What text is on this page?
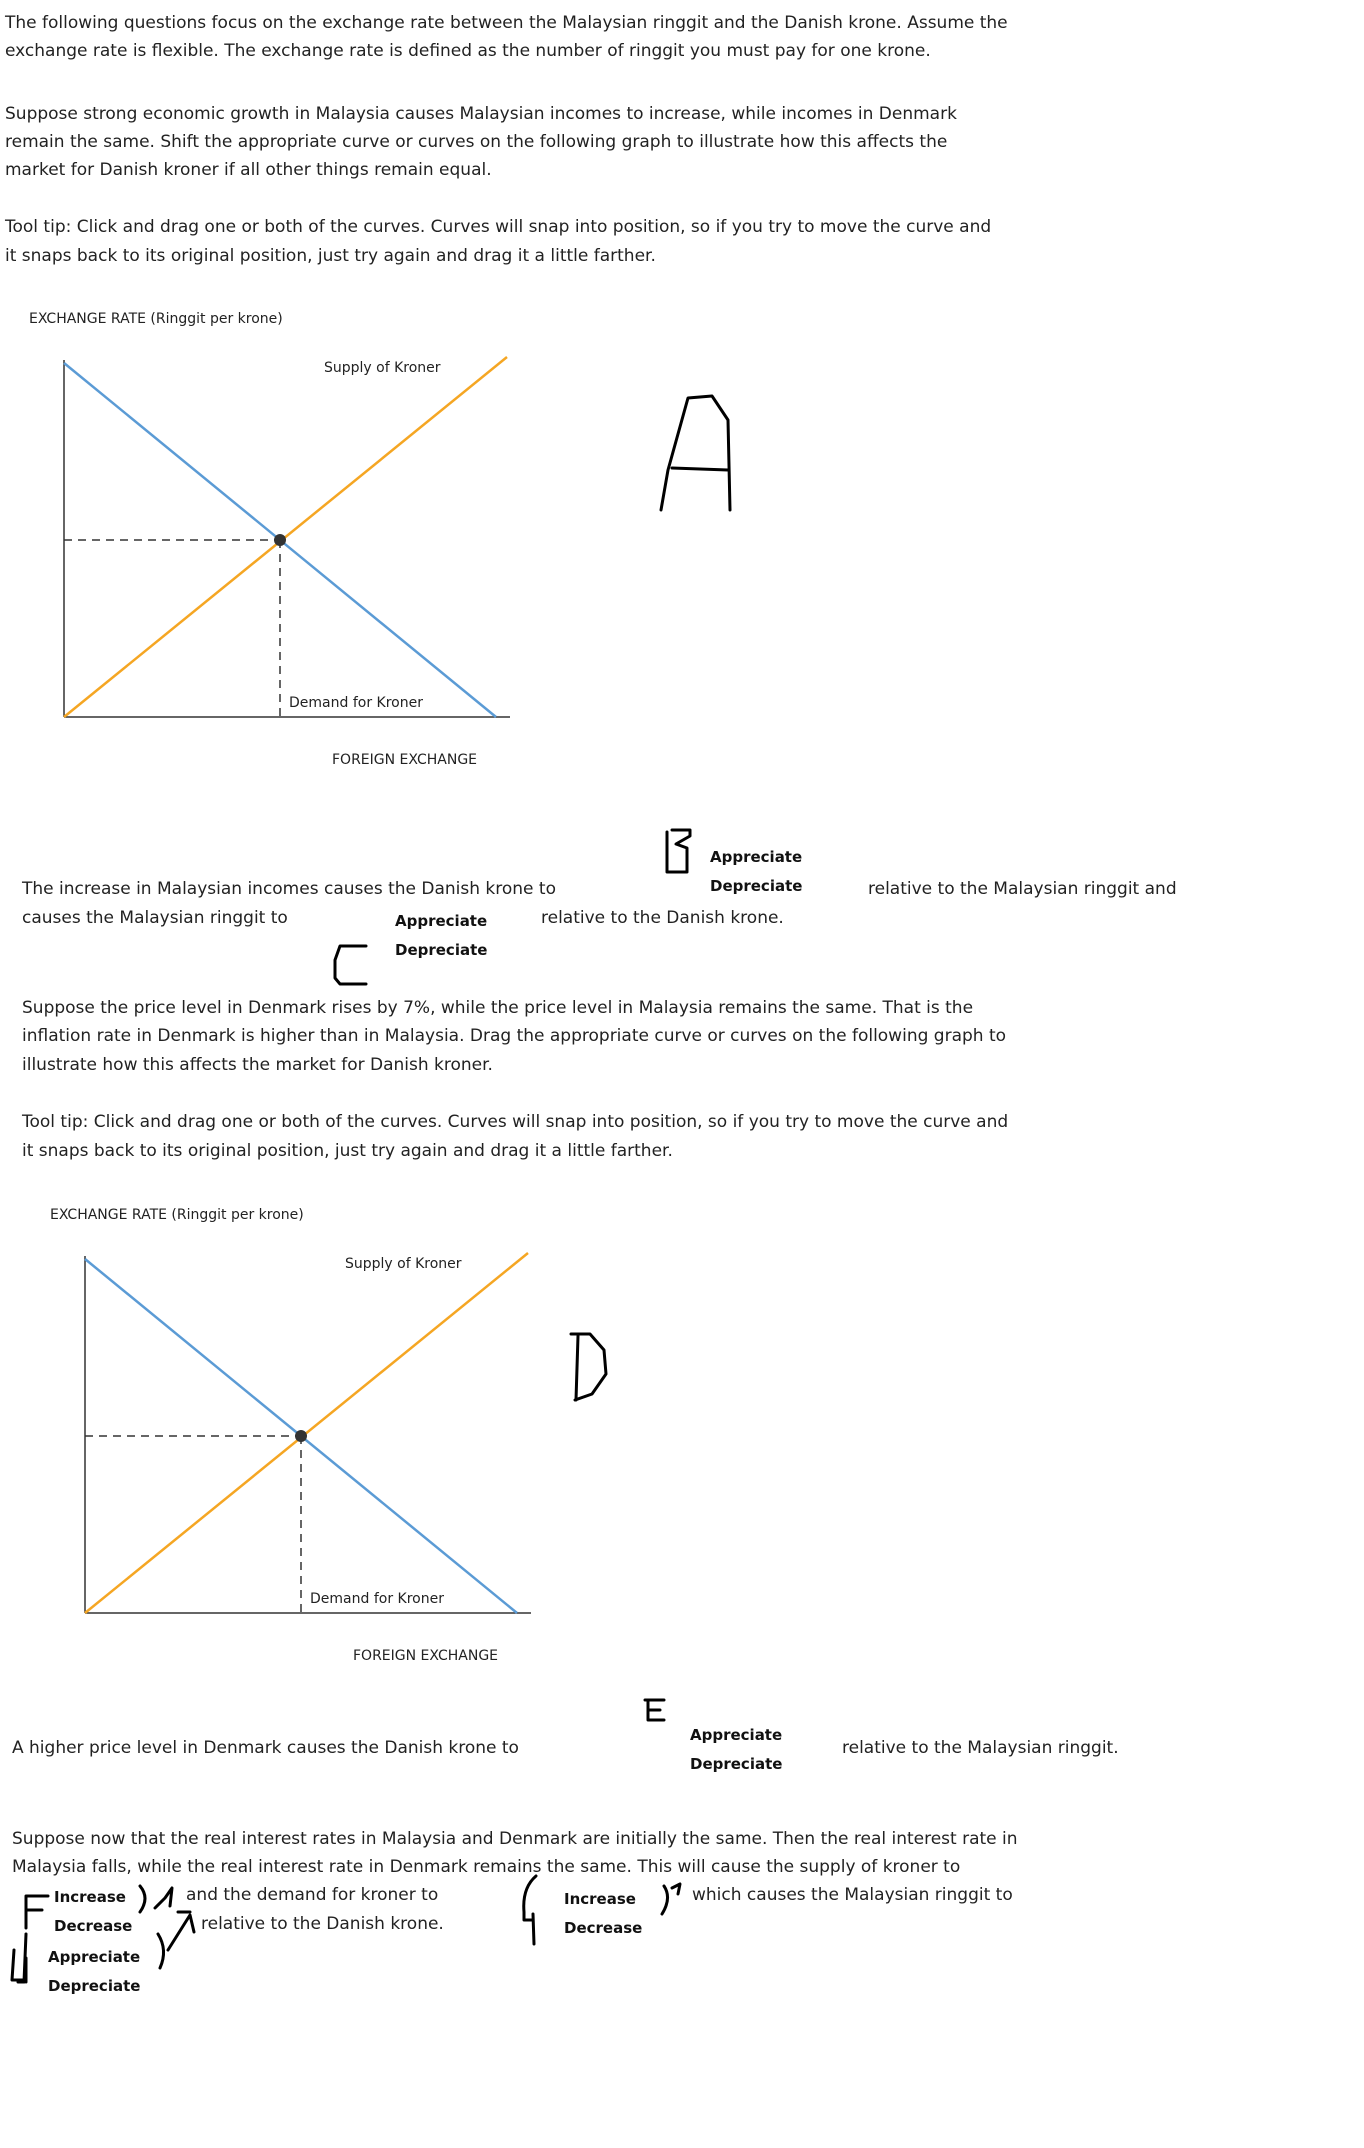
The following questions focus on the exchange rate between the Malaysian ringgit and the Danish krone. Assume the
exchange rate is flexible. The exchange rate is defined as the number of ringgit you must pay for one krone.
Suppose strong economic growth in Malaysia causes Malaysian incomes to increase, while incomes in Denmark
remain the same. Shift the appropriate curve or curves on the following graph to illustrate how this affects the
market for Danish kroner if all other things remain equal.
Tool tip: Click and drag one or both of the curves. Curves will snap into position, so if you try to move the curve and
it snaps back to its original position, just try again and drag it a little farther.
EXCHANGE RATE (Ringgit per krone)
Supply of Kroner
Demand for Kroner
FOREIGN EXCHANGE
Appreciate
Depreciate
The increase in Malaysian incomes causes the Danish krone to	relative to the Malaysian ringgit and
causes the Malaysian ringgit to	Appreciate
Depreciate
relative to the Danish krone.
Suppose the price level in Denmark rises by 7%, while the price level in Malaysia remains the same. That is the
inflation rate in Denmark is higher than in Malaysia. Drag the appropriate curve or curves on the following graph to
illustrate how this affects the market for Danish kroner.
Tool tip: Click and drag one or both of the curves. Curves will snap into position, so if you try to move the curve and
it snaps back to its original position, just try again and drag it a little farther.
EXCHANGE RATE (Ringgit per krone)
Supply of Kroner
Demand for Kroner
FOREIGN EXCHANGE
A higher price level in Denmark causes the Danish krone to
Appreciate
Depreciate
relative to the Malaysian ringgit.
Suppose now that the real interest rates in Malaysia and Denmark are initially the same. Then the real interest rate in
Malaysia falls, while the real interest rate in Denmark remains the same. This will cause the supply of kroner to
Increase
Decrease
and the demand for kroner to	Increase
Decrease
which causes the Malaysian ringgit to
relative to the Danish krone.
Appreciate
Depreciate
